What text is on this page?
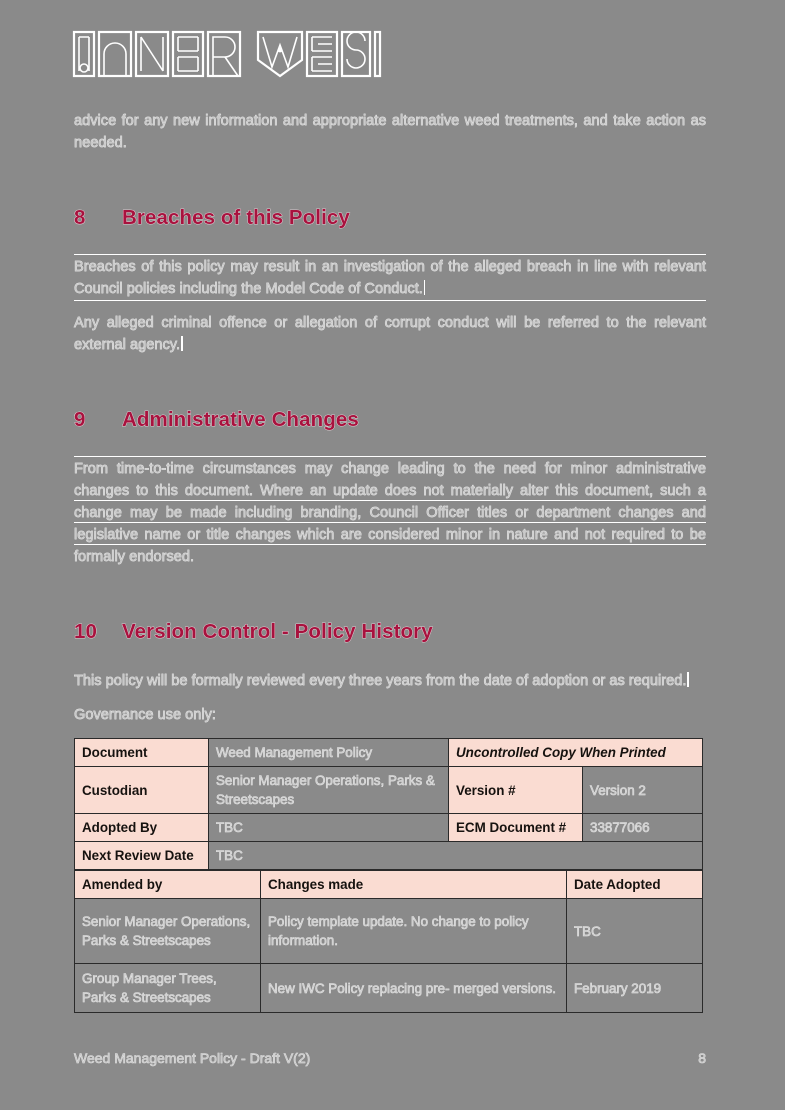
advice for any new information and appropriate alternative weed treatments, and take action as needed.

8	Breaches of this Policy

Breaches of this policy may result in an investigation of the alleged breach in line with relevant Council policies including the Model Code of Conduct.

Any alleged criminal offence or allegation of corrupt conduct will be referred to the relevant external agency.

9	Administrative Changes

From time-to-time circumstances may change leading to the need for minor administrative changes to this document. Where an update does not materially alter this document, such a change may be made including branding, Council Officer titles or department changes and legislative name or title changes which are considered minor in nature and not required to be formally endorsed.

10	Version Control - Policy History

This policy will be formally reviewed every three years from the date of adoption or as required.

Governance use only:

Document	Weed Management Policy	Uncontrolled Copy When Printed	
Custodian	Senior Manager Operations, Parks & Streetscapes	Version #	Version 2
Adopted By	TBC	ECM Document #	33877066
Next Review Date	TBC		
Amended by	Changes made	Date Adopted
Senior Manager Operations, Parks & Streetscapes	Policy template update. No change to policy information.	TBC
Group Manager Trees, Parks & Streetscapes	New IWC Policy replacing pre- merged versions.	February 2019
Weed Management Policy - Draft V(2)	8
